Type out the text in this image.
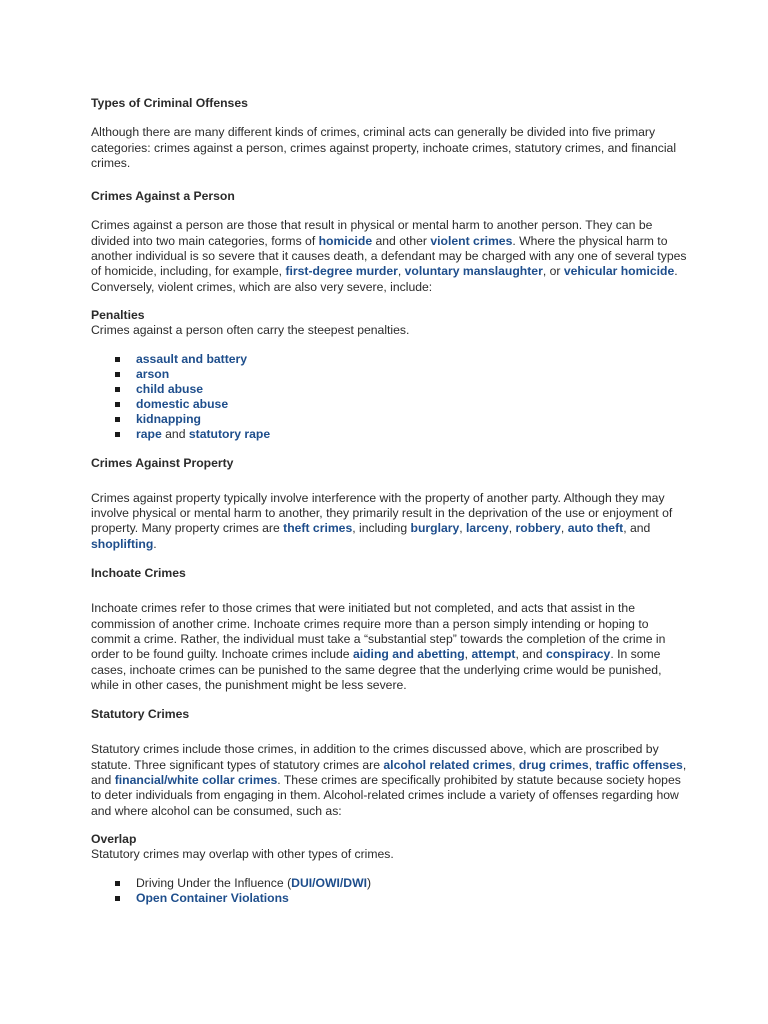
Types of Criminal Offenses

Although there are many different kinds of crimes, criminal acts can generally be divided into five primary categories: crimes against a person, crimes against property, inchoate crimes, statutory crimes, and financial crimes.

Crimes Against a Person

Crimes against a person are those that result in physical or mental harm to another person. They can be divided into two main categories, forms of homicide and other violent crimes. Where the physical harm to another individual is so severe that it causes death, a defendant may be charged with any one of several types of homicide, including, for example, first-degree murder, voluntary manslaughter, or vehicular homicide. Conversely, violent crimes, which are also very severe, include:

Penalties

Crimes against a person often carry the steepest penalties.

assault and battery
arson
child abuse
domestic abuse
kidnapping
rape and statutory rape

Crimes Against Property

Crimes against property typically involve interference with the property of another party. Although they may involve physical or mental harm to another, they primarily result in the deprivation of the use or enjoyment of property. Many property crimes are theft crimes, including burglary, larceny, robbery, auto theft, and shoplifting.

Inchoate Crimes

Inchoate crimes refer to those crimes that were initiated but not completed, and acts that assist in the commission of another crime. Inchoate crimes require more than a person simply intending or hoping to commit a crime. Rather, the individual must take a “substantial step” towards the completion of the crime in order to be found guilty. Inchoate crimes include aiding and abetting, attempt, and conspiracy. In some cases, inchoate crimes can be punished to the same degree that the underlying crime would be punished, while in other cases, the punishment might be less severe.

Statutory Crimes

Statutory crimes include those crimes, in addition to the crimes discussed above, which are proscribed by statute. Three significant types of statutory crimes are alcohol related crimes, drug crimes, traffic offenses, and financial/white collar crimes. These crimes are specifically prohibited by statute because society hopes to deter individuals from engaging in them. Alcohol-related crimes include a variety of offenses regarding how and where alcohol can be consumed, such as:

Overlap

Statutory crimes may overlap with other types of crimes.

Driving Under the Influence (DUI/OWI/DWI)
Open Container Violations
